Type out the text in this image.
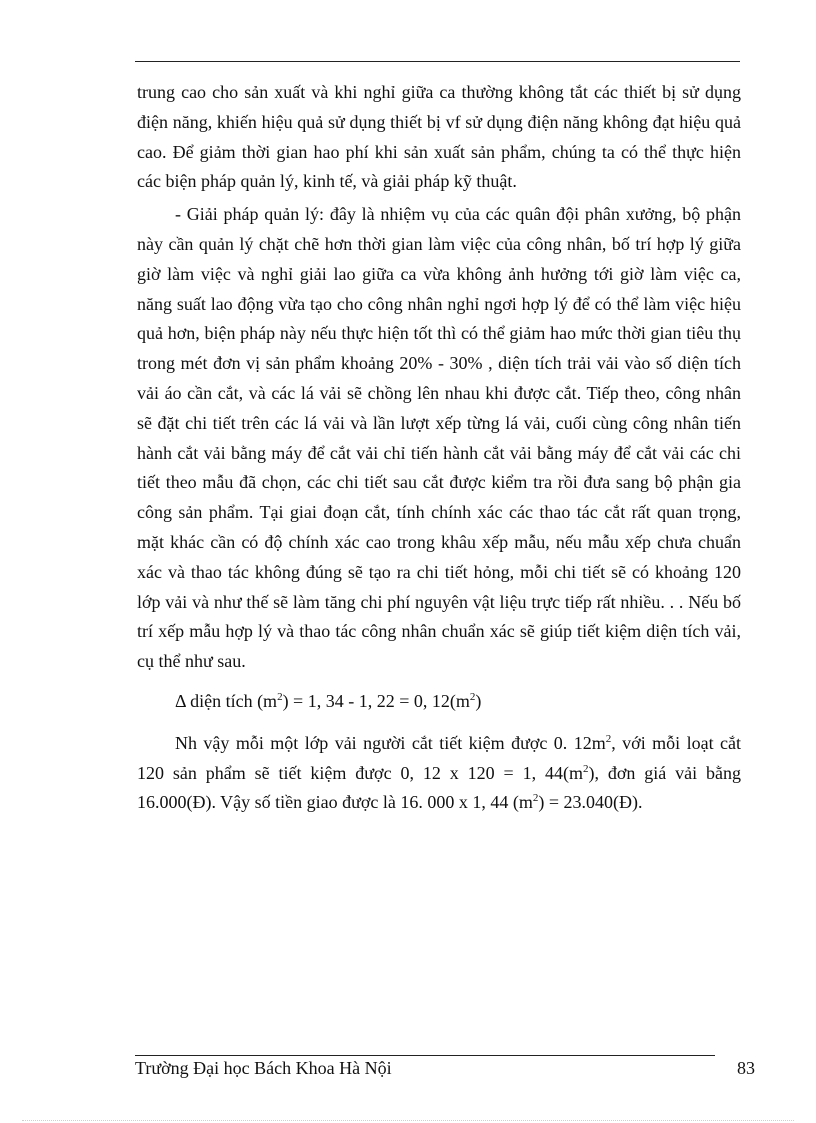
trung cao cho sản xuất và khi nghỉ giữa ca thường không tắt các thiết bị sử dụng điện năng, khiến hiệu quả sử dụng thiết bị vf sử dụng điện năng không đạt hiệu quả cao. Để giảm thời gian hao phí khi sản xuất sản phẩm, chúng ta có thể thực hiện các biện pháp quản lý, kinh tế, và giải pháp kỹ thuật.

- Giải pháp quản lý: đây là nhiệm vụ của các quân đội phân xưởng, bộ phận này cần quản lý chặt chẽ hơn thời gian làm việc của công nhân, bố trí hợp lý giữa giờ làm việc và nghỉ giải lao giữa ca vừa không ảnh hưởng tới giờ làm việc ca, năng suất lao động vừa tạo cho công nhân nghỉ ngơi hợp lý để có thể làm việc hiệu quả hơn, biện pháp này nếu thực hiện tốt thì có thể giảm hao mức thời gian tiêu thụ trong mét đơn vị sản phẩm khoảng 20% - 30% , diện tích trải vải vào số diện tích vải áo cần cắt, và các lá vải sẽ chồng lên nhau khi được cắt. Tiếp theo, công nhân sẽ đặt chi tiết trên các lá vải và lần lượt xếp từng lá vải, cuối cùng công nhân tiến hành cắt vải bằng máy để cắt vải chỉ tiến hành cắt vải bằng máy để cắt vải các chi tiết theo mẫu đã chọn, các chi tiết sau cắt được kiểm tra rồi đưa sang bộ phận gia công sản phẩm. Tại giai đoạn cắt, tính chính xác các thao tác cắt rất quan trọng, mặt khác cần có độ chính xác cao trong khâu xếp mẫu, nếu mẫu xếp chưa chuẩn xác và thao tác không đúng sẽ tạo ra chi tiết hỏng, mỗi chi tiết sẽ có khoảng 120 lớp vải và như thế sẽ làm tăng chi phí nguyên vật liệu trực tiếp rất nhiều. . . Nếu bố trí xếp mẫu hợp lý và thao tác công nhân chuẩn xác sẽ giúp tiết kiệm diện tích vải, cụ thể như sau.

Δ diện tích $(m^2) = 1$, 34 - 1, 22 = 0, $12(m^2)$

Nh vậy mỗi một lớp vải người cắt tiết kiệm được 0. $12m^2$, với mỗi loạt cắt 120 sản phẩm sẽ tiết kiệm được 0, 12 x 120 = 1, $44(m^2)$, đơn giá vải bằng 16.000(Đ). Vậy số tiền giao được là 16. 000 x 1, 44 $(m^2)$ = 23.040(Đ).

Trường Đại học Bách Khoa Hà Nội	83
